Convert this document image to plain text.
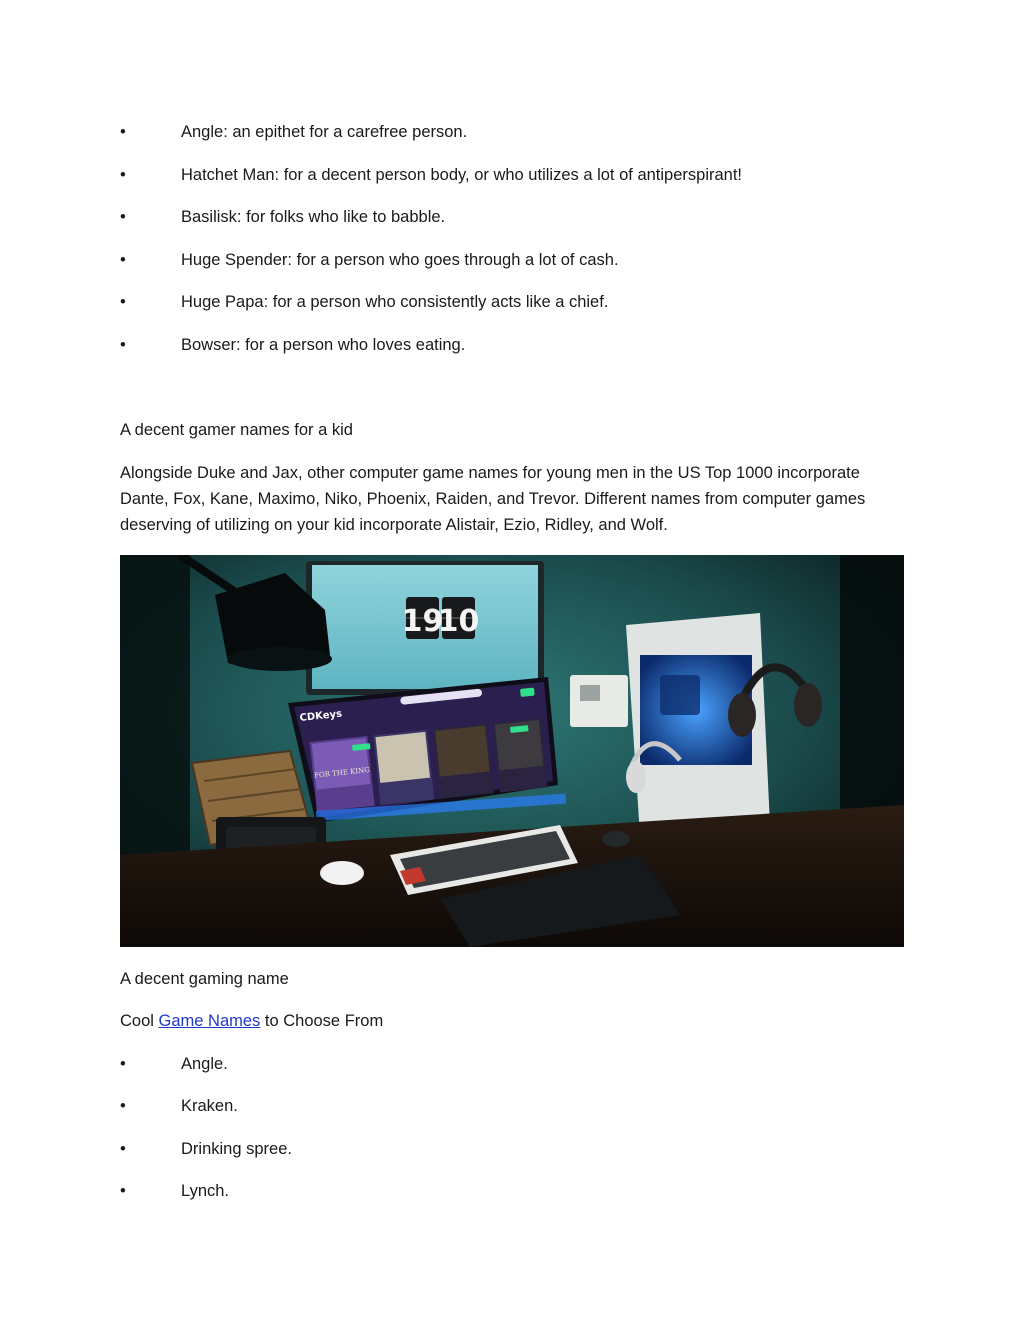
•	Angle: an epithet for a carefree person.
•	Hatchet Man: for a decent person body, or who utilizes a lot of antiperspirant!
•	Basilisk: for folks who like to babble.
•	Huge Spender: for a person who goes through a lot of cash.
•	Huge Papa: for a person who consistently acts like a chief.
•	Bowser: for a person who loves eating.
A decent gamer names for a kid
Alongside Duke and Jax, other computer game names for young men in the US Top 1000 incorporate
Dante, Fox, Kane, Maximo, Niko, Phoenix, Raiden, and Trevor. Different names from computer games
deserving of utilizing on your kid incorporate Alistair, Ezio, Ridley, and Wolf.
19
10
CDKeys
FOR THE KING
A decent gaming name
Cool Game Names to Choose From
•	Angle.
•	Kraken.
•	Drinking spree.
•	Lynch.
